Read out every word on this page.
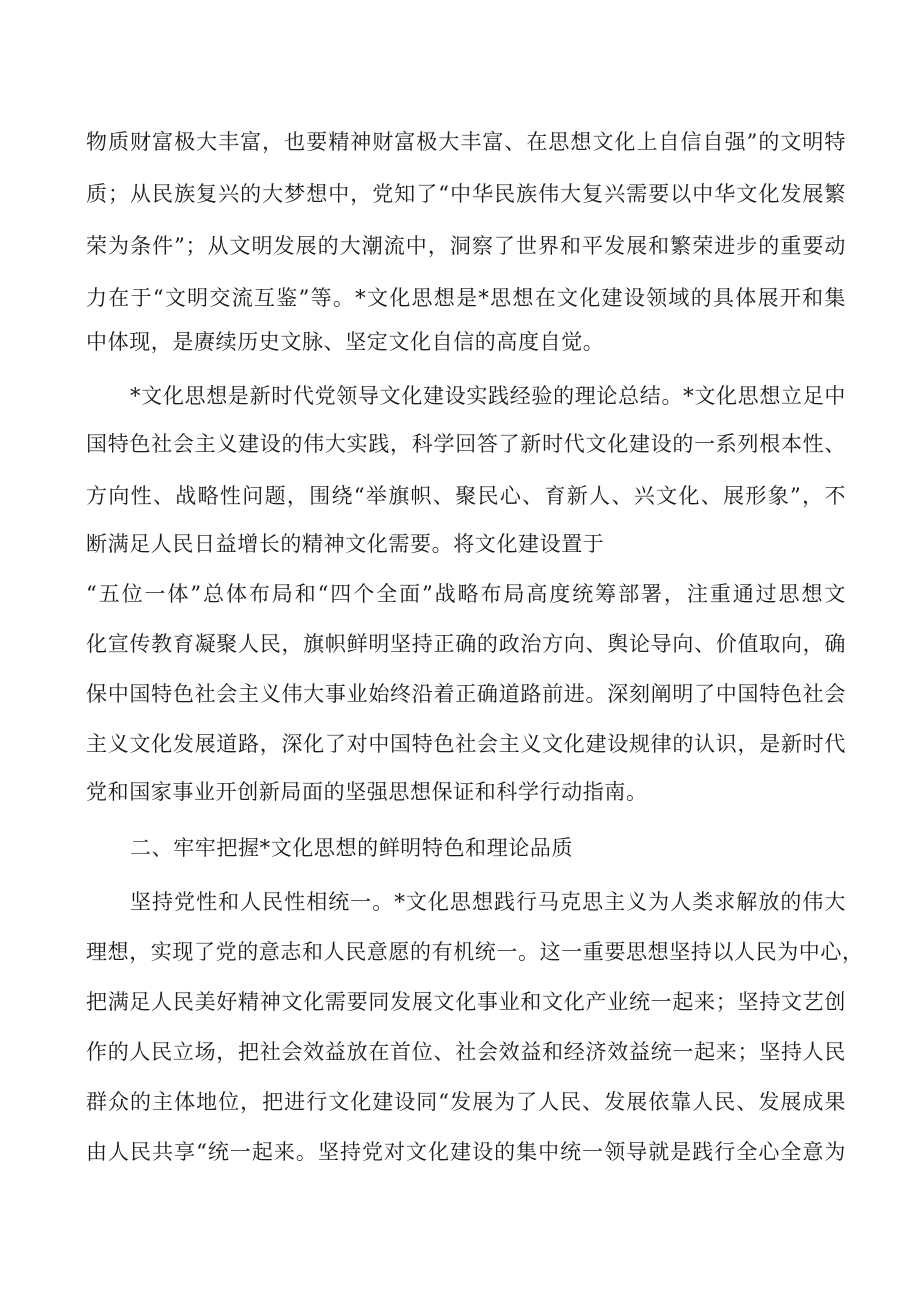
物质财富极大丰富，也要精神财富极大丰富、在思想文化上自信自强”的文明特
质；从民族复兴的大梦想中，党知了“中华民族伟大复兴需要以中华文化发展繁
荣为条件”；从文明发展的大潮流中，洞察了世界和平发展和繁荣进步的重要动
力在于“文明交流互鉴”等。*文化思想是*思想在文化建设领域的具体展开和集
中体现，是赓续历史文脉、坚定文化自信的高度自觉。
*文化思想是新时代党领导文化建设实践经验的理论总结。*文化思想立足中
国特色社会主义建设的伟大实践，科学回答了新时代文化建设的一系列根本性、
方向性、战略性问题，围绕“举旗帜、聚民心、育新人、兴文化、展形象”，不
断满足人民日益增长的精神文化需要。将文化建设置于
“五位一体”总体布局和“四个全面”战略布局高度统筹部署，注重通过思想文
化宣传教育凝聚人民，旗帜鲜明坚持正确的政治方向、舆论导向、价值取向，确
保中国特色社会主义伟大事业始终沿着正确道路前进。深刻阐明了中国特色社会
主义文化发展道路，深化了对中国特色社会主义文化建设规律的认识，是新时代
党和国家事业开创新局面的坚强思想保证和科学行动指南。
二、牢牢把握*文化思想的鲜明特色和理论品质
坚持党性和人民性相统一。*文化思想践行马克思主义为人类求解放的伟大
理想，实现了党的意志和人民意愿的有机统一。这一重要思想坚持以人民为中心，
把满足人民美好精神文化需要同发展文化事业和文化产业统一起来；坚持文艺创
作的人民立场，把社会效益放在首位、社会效益和经济效益统一起来；坚持人民
群众的主体地位，把进行文化建设同“发展为了人民、发展依靠人民、发展成果
由人民共享“统一起来。坚持党对文化建设的集中统一领导就是践行全心全意为
